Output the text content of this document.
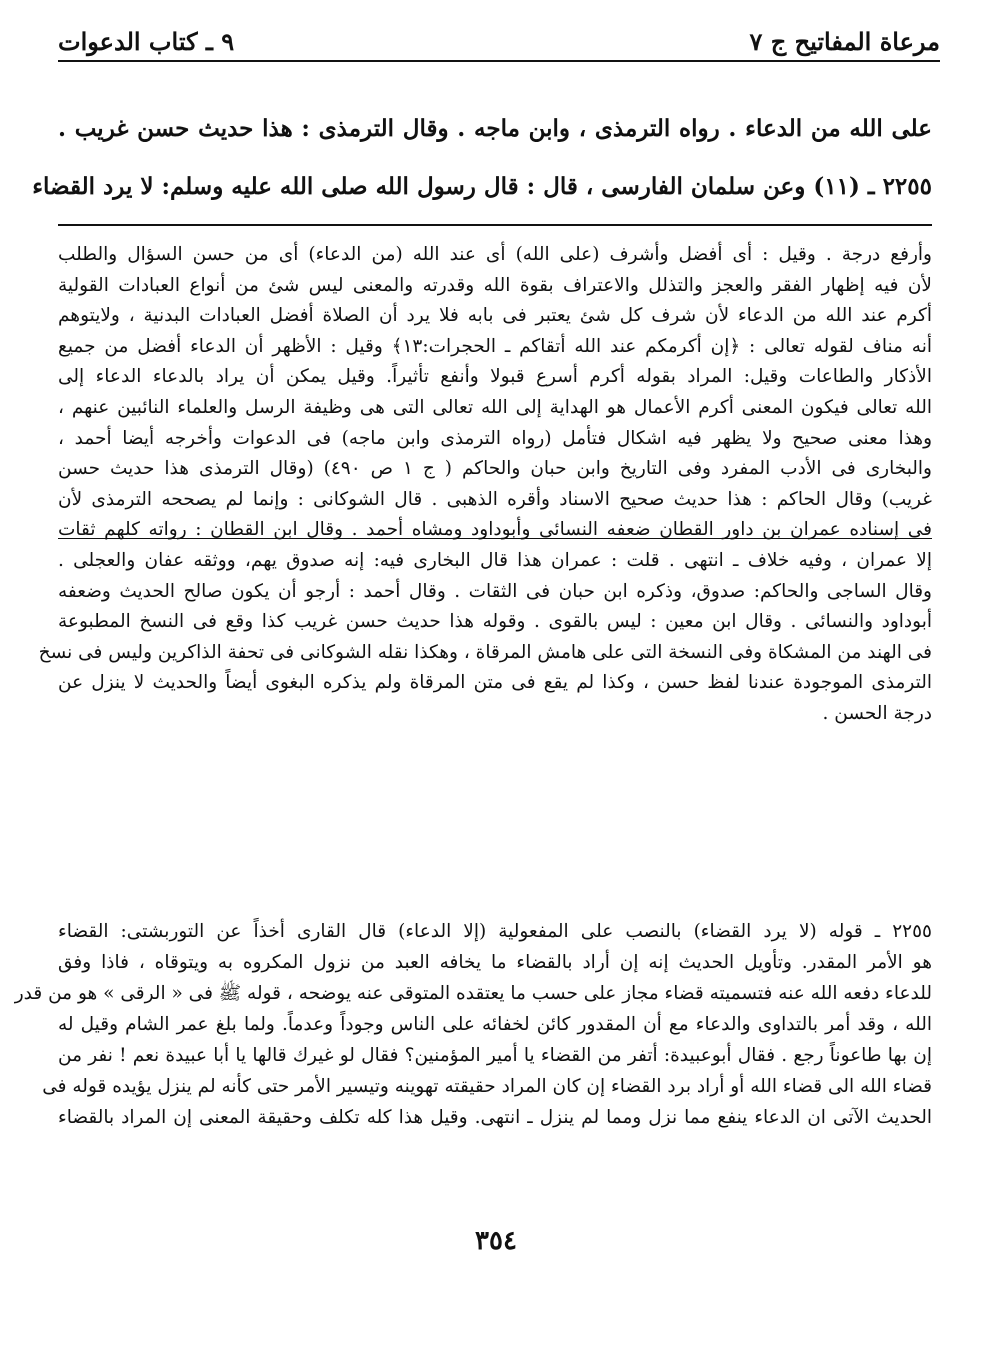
مرعاة المفاتيح ج ٧
٩ ـ كتاب الدعوات

على الله من الدعاء . رواه الترمذى ، وابن ماجه . وقال الترمذى : هذا حديث حسن غريب .

٢٢٥٥ ـ (١١) وعن سلمان الفارسى ، قال : قال رسول الله صلى الله عليه وسلم: لا يرد القضاء

وأرفع درجة . وقيل : أى أفضل وأشرف (على الله) أى عند الله (من الدعاء) أى من حسن السؤال والطلب

لأن فيه إظهار الفقر والعجز والتذلل والاعتراف بقوة الله وقدرته والمعنى ليس شئ من أنواع العبادات القولية

أكرم عند الله من الدعاء لأن شرف كل شئ يعتبر فى بابه فلا يرد أن الصلاة أفضل العبادات البدنية ، ولايتوهم

أنه مناف لقوله تعالى : ﴿إن أكرمكم عند الله أتقاكم ـ الحجرات:١٣﴾ وقيل : الأظهر أن الدعاء أفضل من جميع

الأذكار والطاعات وقيل: المراد بقوله أكرم أسرع قبولا وأنفع تأثيراً. وقيل يمكن أن يراد بالدعاء الدعاء إلى

الله تعالى فيكون المعنى أكرم الأعمال هو الهداية إلى الله تعالى التى هى وظيفة الرسل والعلماء النائبين عنهم ،

وهذا معنى صحيح ولا يظهر فيه اشكال فتأمل (رواه الترمذى وابن ماجه) فى الدعوات وأخرجه أيضا أحمد ،

والبخارى فى الأدب المفرد وفى التاريخ وابن حبان والحاكم ( ج ١ ص ٤٩٠) (وقال الترمذى هذا حديث حسن

غريب) وقال الحاكم : هذا حديث صحيح الاسناد وأقره الذهبى . قال الشوكانى : وإنما لم يصححه الترمذى لأن

فى إسناده عمران بن داور القطان ضعفه النسائى وأبوداود ومشاه أحمد . وقال ابن القطان : رواته كلهم ثقات

إلا عمران ، وفيه خلاف ـ انتهى . قلت : عمران هذا قال البخارى فيه: إنه صدوق يهم، ووثقه عفان والعجلى .

وقال الساجى والحاكم: صدوق، وذكره ابن حبان فى الثقات . وقال أحمد : أرجو أن يكون صالح الحديث وضعفه

أبوداود والنسائى . وقال ابن معين : ليس بالقوى . وقوله هذا حديث حسن غريب كذا وقع فى النسخ المطبوعة

فى الهند من المشكاة وفى النسخة التى على هامش المرقاة ، وهكذا نقله الشوكانى فى تحفة الذاكرين وليس فى نسخ

الترمذى الموجودة عندنا لفظ حسن ، وكذا لم يقع فى متن المرقاة ولم يذكره البغوى أيضاً والحديث لا ينزل عن

درجة الحسن .

٢٢٥٥ ـ قوله (لا يرد القضاء) بالنصب على المفعولية (إلا الدعاء) قال القارى أخذاً عن التوربشتى: القضاء

هو الأمر المقدر. وتأويل الحديث إنه إن أراد بالقضاء ما يخافه العبد من نزول المكروه به ويتوقاه ، فاذا وفق

للدعاء دفعه الله عنه فتسميته قضاء مجاز على حسب ما يعتقده المتوقى عنه يوضحه ، قوله ﷺ فى « الرقى » هو من قدر

الله ، وقد أمر بالتداوى والدعاء مع أن المقدور كائن لخفائه على الناس وجوداً وعدماً. ولما بلغ عمر الشام وقيل له

إن بها طاعوناً رجع . فقال أبوعبيدة: أتفر من القضاء يا أمير المؤمنين؟ فقال لو غيرك قالها يا أبا عبيدة نعم ! نفر من

قضاء الله الى قضاء الله أو أراد برد القضاء إن كان المراد حقيقته تهوينه وتيسير الأمر حتى كأنه لم ينزل يؤيده قوله فى

الحديث الآتى ان الدعاء ينفع مما نزل ومما لم ينزل ـ انتهى. وقيل هذا كله تكلف وحقيقة المعنى إن المراد بالقضاء

٣٥٤
